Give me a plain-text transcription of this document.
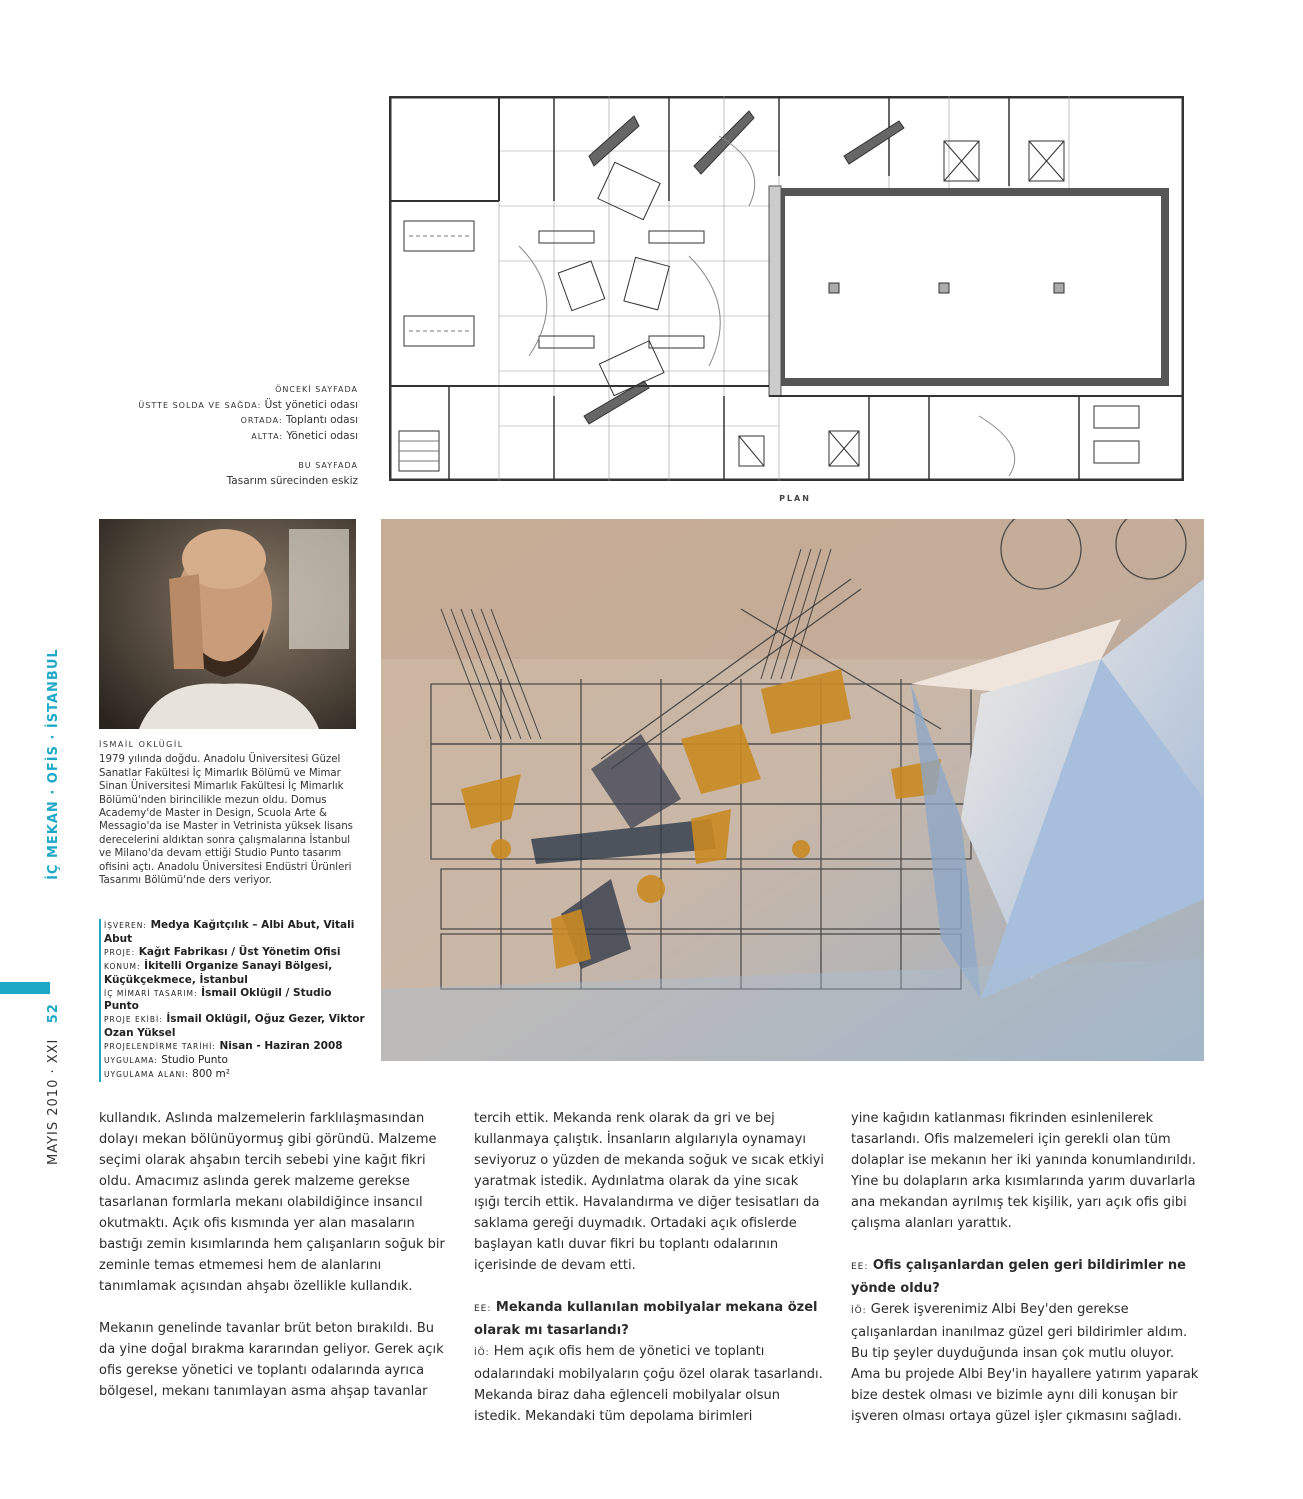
MAYIS 2010 · XXI   52                        İÇ MEKAN · OFİS · İSTANBUL
PLAN
ÖNCEKİ SAYFADA
ÜSTTE SOLDA VE SAĞDA: Üst yönetici odası
ORTADA: Toplantı odası
ALTTA: Yönetici odası
BU SAYFADA
Tasarım sürecinden eskiz
İSMAİL OKLÜGİL
1979 yılında doğdu. Anadolu Üniversitesi Güzel Sanatlar Fakültesi İç Mimarlık Bölümü ve Mimar Sinan Üniversitesi Mimarlık Fakültesi İç Mimarlık Bölümü'nden birincilikle mezun oldu. Domus Academy'de Master in Design, Scuola Arte & Messagio'da ise Master in Vetrinista yüksek lisans derecelerini aldıktan sonra çalışmalarına İstanbul ve Milano'da devam ettiği Studio Punto tasarım ofisini açtı. Anadolu Üniversitesi Endüstri Ürünleri Tasarımı Bölümü'nde ders veriyor.
İŞVEREN: Medya Kağıtçılık – Albi Abut, Vitali Abut
PROJE: Kağıt Fabrikası / Üst Yönetim Ofisi
KONUM: İkitelli Organize Sanayi Bölgesi, Küçükçekmece, İstanbul
İÇ MİMARİ TASARIM: İsmail Oklügil / Studio Punto
PROJE EKİBİ: İsmail Oklügil, Oğuz Gezer, Viktor Ozan Yüksel
PROJELENDİRME TARİHİ: Nisan - Haziran 2008
UYGULAMA: Studio Punto
UYGULAMA ALANI: 800 m²

kullandık. Aslında malzemelerin farklılaşmasından dolayı mekan bölünüyormuş gibi göründü. Malzeme seçimi olarak ahşabın tercih sebebi yine kağıt fikri oldu. Amacımız aslında gerek malzeme gerekse tasarlanan formlarla mekanı olabildiğince insancıl okutmaktı. Açık ofis kısmında yer alan masaların bastığı zemin kısımlarında hem çalışanların soğuk bir zeminle temas etmemesi hem de alanlarını tanımlamak açısından ahşabı özellikle kullandık.

Mekanın genelinde tavanlar brüt beton bırakıldı. Bu da yine doğal bırakma kararından geliyor. Gerek açık ofis gerekse yönetici ve toplantı odalarında ayrıca bölgesel, mekanı tanımlayan asma ahşap tavanlar

tercih ettik. Mekanda renk olarak da gri ve bej kullanmaya çalıştık. İnsanların algılarıyla oynamayı seviyoruz o yüzden de mekanda soğuk ve sıcak etkiyi yaratmak istedik. Aydınlatma olarak da yine sıcak ışığı tercih ettik. Havalandırma ve diğer tesisatları da saklama gereği duymadık. Ortadaki açık ofislerde başlayan katlı duvar fikri bu toplantı odalarının içerisinde de devam etti.

EE: Mekanda kullanılan mobilyalar mekana özel olarak mı tasarlandı?

İÖ: Hem açık ofis hem de yönetici ve toplantı odalarındaki mobilyaların çoğu özel olarak tasarlandı. Mekanda biraz daha eğlenceli mobilyalar olsun istedik. Mekandaki tüm depolama birimleri

yine kağıdın katlanması fikrinden esinlenilerek tasarlandı. Ofis malzemeleri için gerekli olan tüm dolaplar ise mekanın her iki yanında konumlandırıldı. Yine bu dolapların arka kısımlarında yarım duvarlarla ana mekandan ayrılmış tek kişilik, yarı açık ofis gibi çalışma alanları yarattık.

EE: Ofis çalışanlardan gelen geri bildirimler ne yönde oldu?

İÖ: Gerek işverenimiz Albi Bey'den gerekse çalışanlardan inanılmaz güzel geri bildirimler aldım. Bu tip şeyler duyduğunda insan çok mutlu oluyor. Ama bu projede Albi Bey'in hayallere yatırım yaparak bize destek olması ve bizimle aynı dili konuşan bir işveren olması ortaya güzel işler çıkmasını sağladı.
